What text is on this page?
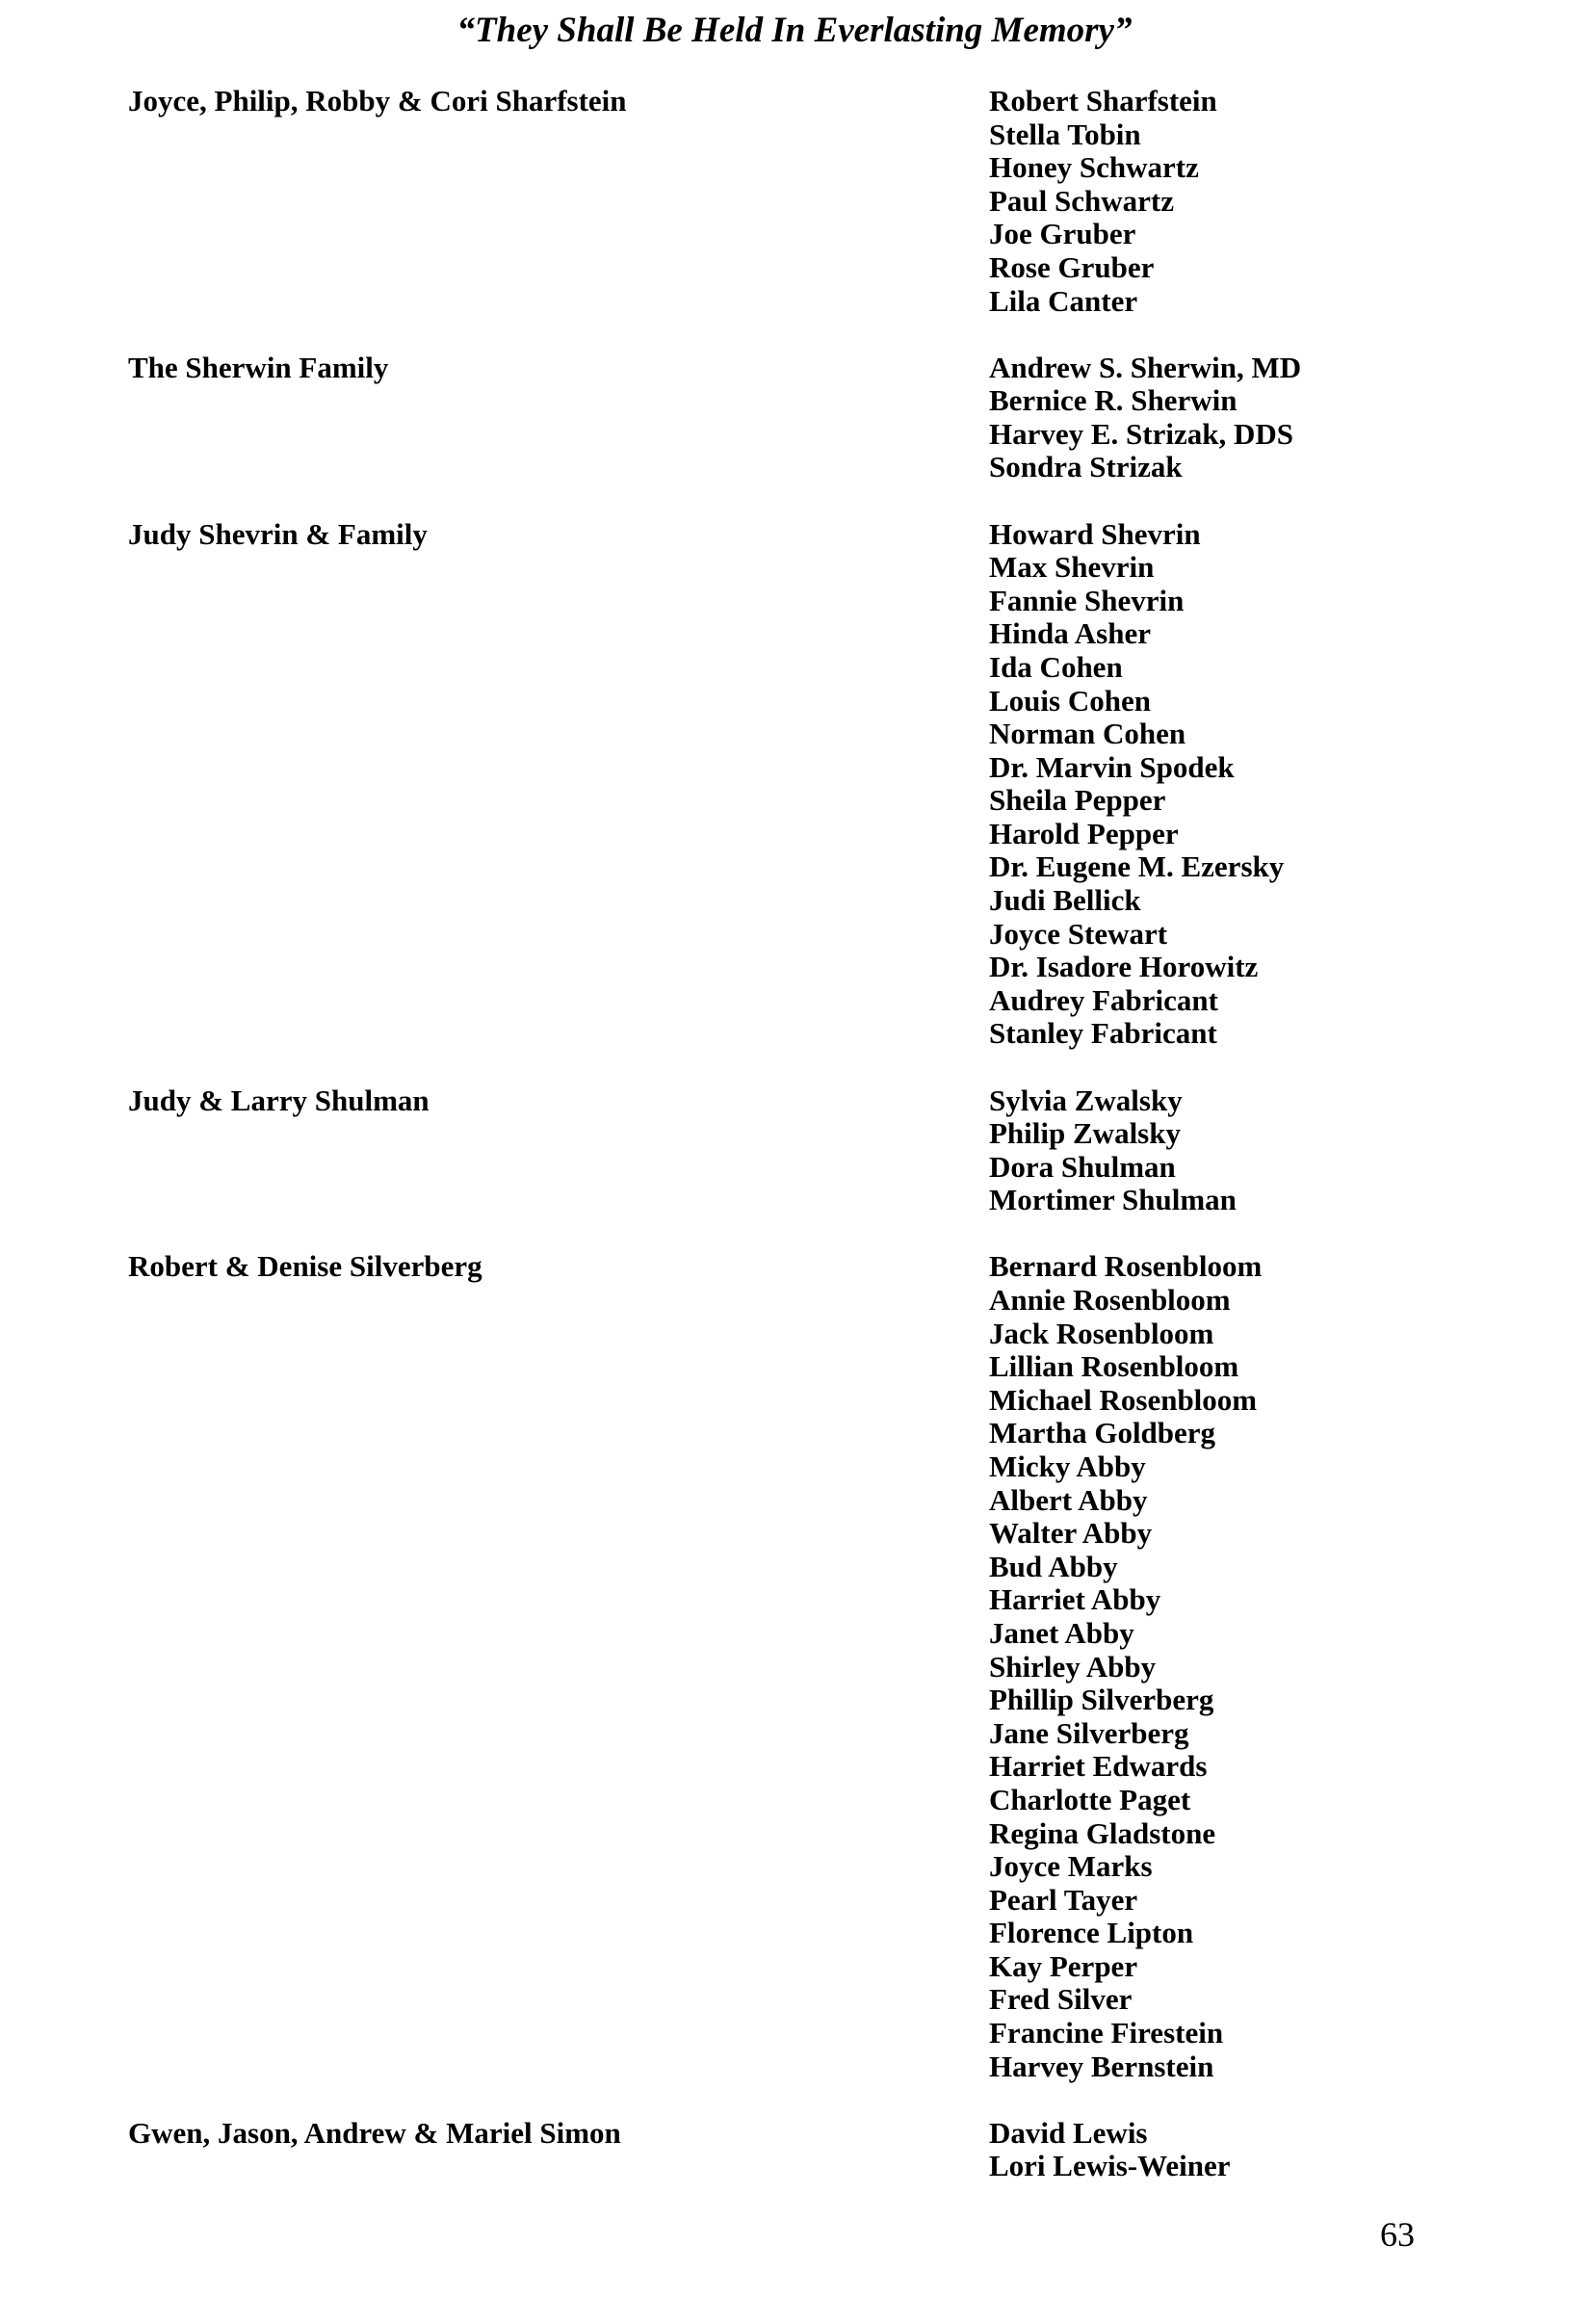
“They Shall Be Held In Everlasting Memory”
Joyce, Philip, Robby & Cori Sharfstein	Robert Sharfstein
Stella Tobin
Honey Schwartz
Paul Schwartz
Joe Gruber
Rose Gruber
Lila Canter
The Sherwin Family	Andrew S. Sherwin, MD
Bernice R. Sherwin
Harvey E. Strizak, DDS
Sondra Strizak
Judy Shevrin & Family	Howard Shevrin
Max Shevrin
Fannie Shevrin
Hinda Asher
Ida Cohen
Louis Cohen
Norman Cohen
Dr. Marvin Spodek
Sheila Pepper
Harold Pepper
Dr. Eugene M. Ezersky
Judi Bellick
Joyce Stewart
Dr. Isadore Horowitz
Audrey Fabricant
Stanley Fabricant
Judy & Larry Shulman	Sylvia Zwalsky
Philip Zwalsky
Dora Shulman
Mortimer Shulman
Robert & Denise Silverberg	Bernard Rosenbloom
Annie Rosenbloom
Jack Rosenbloom
Lillian Rosenbloom
Michael Rosenbloom
Martha Goldberg
Micky Abby
Albert Abby
Walter Abby
Bud Abby
Harriet Abby
Janet Abby
Shirley Abby
Phillip Silverberg
Jane Silverberg
Harriet Edwards
Charlotte Paget
Regina Gladstone
Joyce Marks
Pearl Tayer
Florence Lipton
Kay Perper
Fred Silver
Francine Firestein
Harvey Bernstein
Gwen, Jason, Andrew & Mariel Simon	David Lewis
Lori Lewis-Weiner
63
